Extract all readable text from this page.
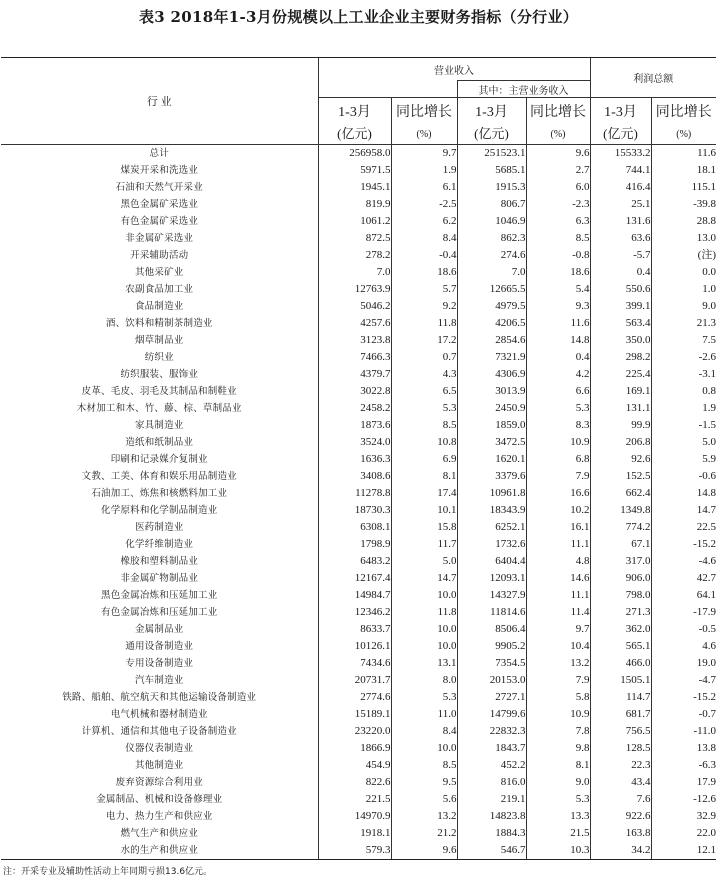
表3 2018年1-3月份规模以上工业企业主要财务指标（分行业）
行 业	营业收入				利润总额	
			其中：主营业务收入			
	1-3月	同比增长	1-3月	同比增长	1-3月	同比增长
	(亿元)	(%)	(亿元)	(%)	(亿元)	(%)
总计	256958.0	9.7	251523.1	9.6	15533.2	11.6
煤炭开采和洗选业	5971.5	1.9	5685.1	2.7	744.1	18.1
石油和天然气开采业	1945.1	6.1	1915.3	6.0	416.4	115.1
黑色金属矿采选业	819.9	-2.5	806.7	-2.3	25.1	-39.8
有色金属矿采选业	1061.2	6.2	1046.9	6.3	131.6	28.8
非金属矿采选业	872.5	8.4	862.3	8.5	63.6	13.0
开采辅助活动	278.2	-0.4	274.6	-0.8	-5.7	(注)
其他采矿业	7.0	18.6	7.0	18.6	0.4	0.0
农副食品加工业	12763.9	5.7	12665.5	5.4	550.6	1.0
食品制造业	5046.2	9.2	4979.5	9.3	399.1	9.0
酒、饮料和精制茶制造业	4257.6	11.8	4206.5	11.6	563.4	21.3
烟草制品业	3123.8	17.2	2854.6	14.8	350.0	7.5
纺织业	7466.3	0.7	7321.9	0.4	298.2	-2.6
纺织服装、服饰业	4379.7	4.3	4306.9	4.2	225.4	-3.1
皮革、毛皮、羽毛及其制品和制鞋业	3022.8	6.5	3013.9	6.6	169.1	0.8
木材加工和木、竹、藤、棕、草制品业	2458.2	5.3	2450.9	5.3	131.1	1.9
家具制造业	1873.6	8.5	1859.0	8.3	99.9	-1.5
造纸和纸制品业	3524.0	10.8	3472.5	10.9	206.8	5.0
印刷和记录媒介复制业	1636.3	6.9	1620.1	6.8	92.6	5.9
文教、工美、体育和娱乐用品制造业	3408.6	8.1	3379.6	7.9	152.5	-0.6
石油加工、炼焦和核燃料加工业	11278.8	17.4	10961.8	16.6	662.4	14.8
化学原料和化学制品制造业	18730.3	10.1	18343.9	10.2	1349.8	14.7
医药制造业	6308.1	15.8	6252.1	16.1	774.2	22.5
化学纤维制造业	1798.9	11.7	1732.6	11.1	67.1	-15.2
橡胶和塑料制品业	6483.2	5.0	6404.4	4.8	317.0	-4.6
非金属矿物制品业	12167.4	14.7	12093.1	14.6	906.0	42.7
黑色金属冶炼和压延加工业	14984.7	10.0	14327.9	11.1	798.0	64.1
有色金属冶炼和压延加工业	12346.2	11.8	11814.6	11.4	271.3	-17.9
金属制品业	8633.7	10.0	8506.4	9.7	362.0	-0.5
通用设备制造业	10126.1	10.0	9905.2	10.4	565.1	4.6
专用设备制造业	7434.6	13.1	7354.5	13.2	466.0	19.0
汽车制造业	20731.7	8.0	20153.0	7.9	1505.1	-4.7
铁路、船舶、航空航天和其他运输设备制造业	2774.6	5.3	2727.1	5.8	114.7	-15.2
电气机械和器材制造业	15189.1	11.0	14799.6	10.9	681.7	-0.7
计算机、通信和其他电子设备制造业	23220.0	8.4	22832.3	7.8	756.5	-11.0
仪器仪表制造业	1866.9	10.0	1843.7	9.8	128.5	13.8
其他制造业	454.9	8.5	452.2	8.1	22.3	-6.3
废弃资源综合利用业	822.6	9.5	816.0	9.0	43.4	17.9
金属制品、机械和设备修理业	221.5	5.6	219.1	5.3	7.6	-12.6
电力、热力生产和供应业	14970.9	13.2	14823.8	13.3	922.6	32.9
燃气生产和供应业	1918.1	21.2	1884.3	21.5	163.8	22.0
水的生产和供应业	579.3	9.6	546.7	10.3	34.2	12.1
注：开采专业及辅助性活动上年同期亏损13.6亿元。
